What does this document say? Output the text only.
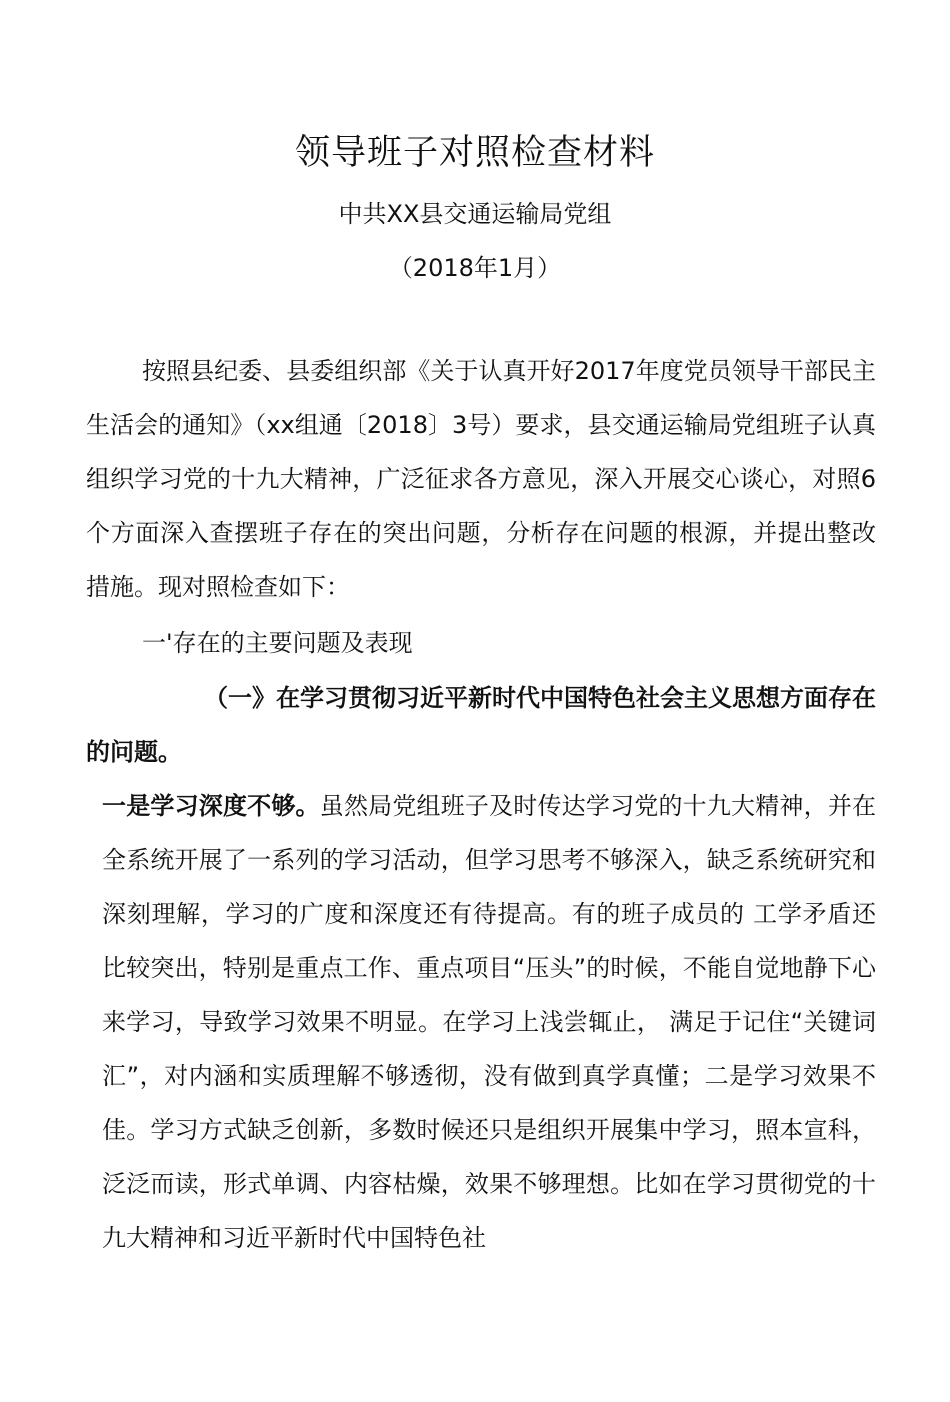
领导班子对照检查材料
中共XX县交通运输局党组
（2018年1月）

按照县纪委、县委组织部《关于认真开好2017年度党员领导干部民主生活会的通知》（xx组通〔2018〕3号）要求，县交通运输局党组班子认真组织学习党的十九大精神，广泛征求各方意见，深入开展交心谈心，对照6个方面深入查摆班子存在的突出问题，分析存在问题的根源，并提出整改措施。现对照检查如下：

一'存在的主要问题及表现

（一》在学习贯彻习近平新时代中国特色社会主义思想方面存在的问题。

一是学习深度不够。虽然局党组班子及时传达学习党的十九大精神，并在全系统开展了一系列的学习活动，但学习思考不够深入，缺乏系统研究和深刻理解，学习的广度和深度还有待提高。有的班子成员的 工学矛盾还比较突出，特别是重点工作、重点项目“压头”的时候，不能自觉地静下心来学习，导致学习效果不明显。在学习上浅尝辄止， 满足于记住“关键词汇”，对内涵和实质理解不够透彻，没有做到真学真懂；二是学习效果不佳。学习方式缺乏创新，多数时候还只是组织开展集中学习，照本宣科，泛泛而读，形式单调、内容枯燥，效果不够理想。比如在学习贯彻党的十九大精神和习近平新时代中国特色社
